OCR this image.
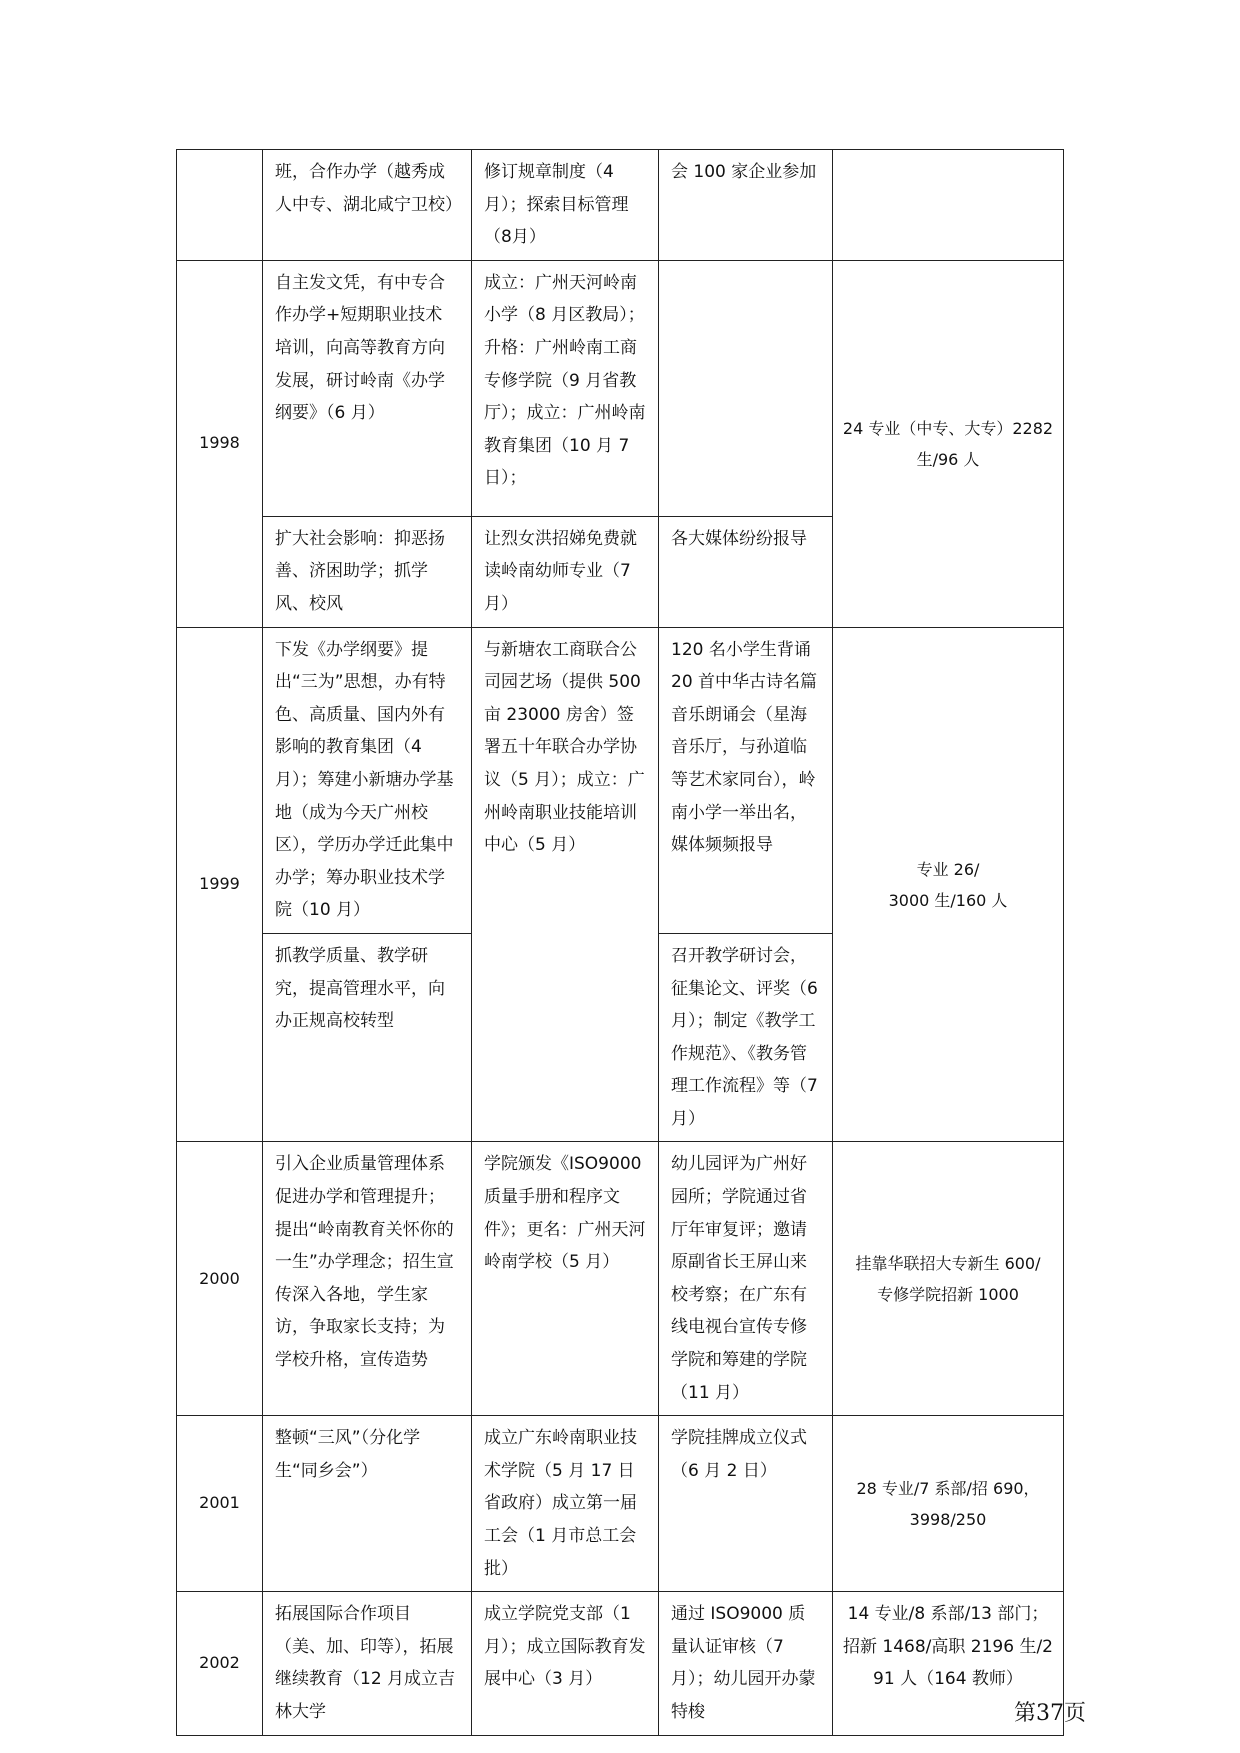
	班，合作办学（越秀成人中专、湖北咸宁卫校）	修订规章制度（4月）；探索目标管理（8月）	会 100 家企业参加	
1998	自主发文凭，有中专合作办学+短期职业技术培训，向高等教育方向发展，研讨岭南《办学纲要》（6 月）	成立：广州天河岭南小学（8 月区教局）；升格：广州岭南工商专修学院（9 月省教厅）；成立：广州岭南教育集团（10 月 7 日）；		24 专业（中专、大专）2282 生/96 人
	扩大社会影响：抑恶扬善、济困助学；抓学风、校风	让烈女洪招娣免费就读岭南幼师专业（7 月）	各大媒体纷纷报导	
1999	下发《办学纲要》提出“三为”思想，办有特色、高质量、国内外有影响的教育集团（4 月）；筹建小新塘办学基地（成为今天广州校区），学历办学迁此集中办学；筹办职业技术学院（10 月）	与新塘农工商联合公司园艺场（提供 500 亩 23000 房舍）签署五十年联合办学协议（5 月）；成立：广州岭南职业技能培训中心（5 月）	120 名小学生背诵 20 首中华古诗名篇音乐朗诵会（星海音乐厅，与孙道临等艺术家同台），岭南小学一举出名，媒体频频报导	专业 26/
3000 生/160 人

	抓教学质量、教学研究，提高管理水平，向办正规高校转型		召开教学研讨会，征集论文、评奖（6 月）；制定《教学工作规范》、《教务管理工作流程》等（7 月）	

2000	引入企业质量管理体系促进办学和管理提升；提出“岭南教育关怀你的一生”办学理念；招生宣传深入各地，学生家访，争取家长支持；为学校升格，宣传造势	学院颁发《ISO9000 质量手册和程序文件》；更名：广州天河岭南学校（5 月）	幼儿园评为广州好园所；学院通过省厅年审复评；邀请原副省长王屏山来校考察；在广东有线电视台宣传专修学院和筹建的学院（11 月）	挂靠华联招大专新生 600/
专修学院招新 1000

2001	整顿“三风”（分化学生“同乡会”）	成立广东岭南职业技术学院（5 月 17 日省政府）成立第一届工会（1 月市总工会批）	学院挂牌成立仪式（6 月 2 日）	28 专业/7 系部/招 690，
3998/250

2002	拓展国际合作项目（美、加、印等），拓展继续教育（12 月成立吉林大学	成立学院党支部（1 月）；成立国际教育发展中心（3 月）	通过 ISO9000 质量认证审核（7 月）；幼儿园开办蒙特梭	14 专业/8 系部/13 部门；招新 1468/高职 2196 生/291 人（164 教师）
第37页
